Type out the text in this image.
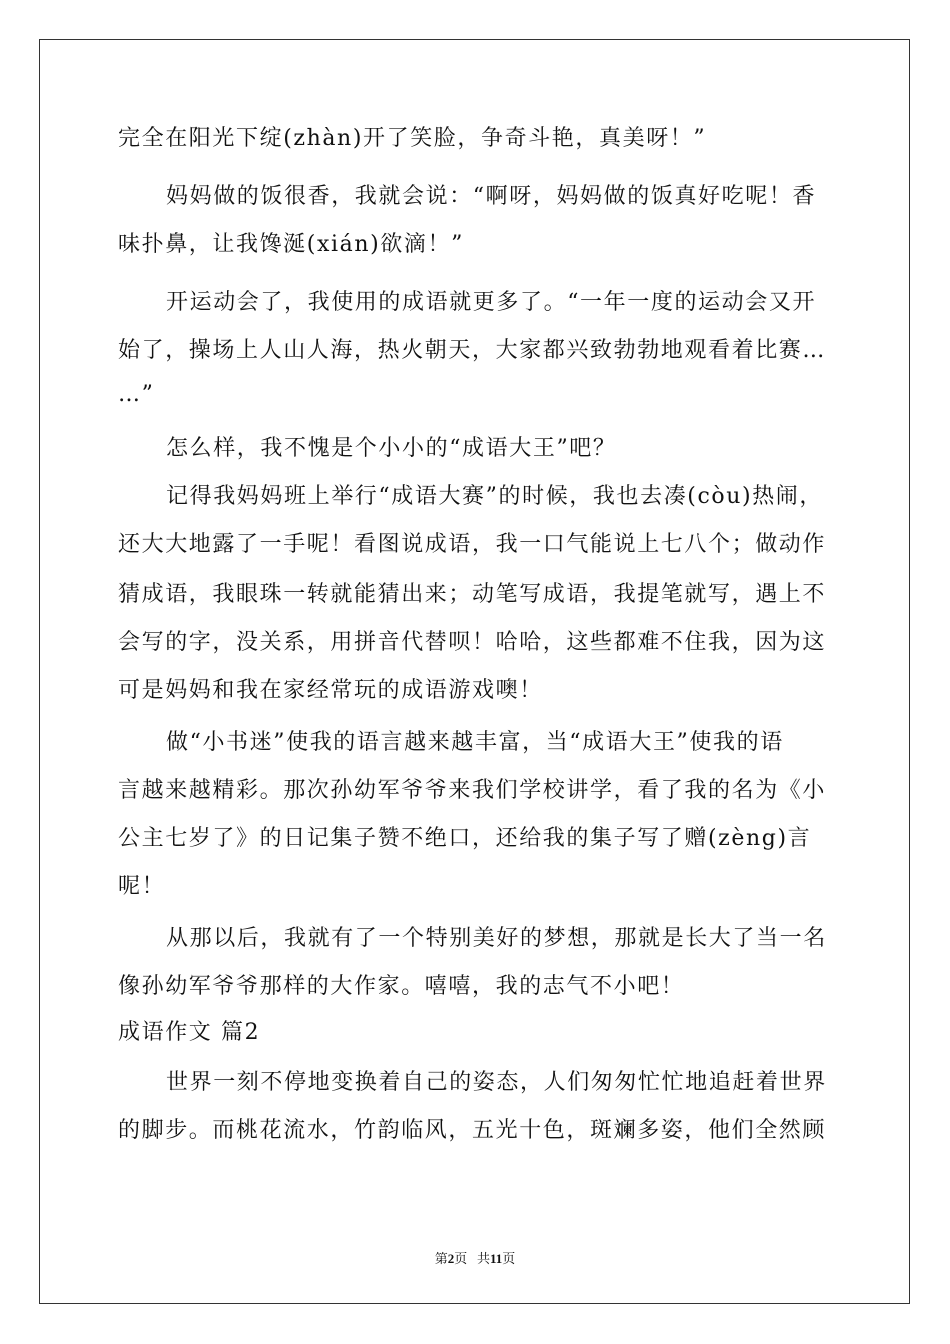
完全在阳光下绽(zhàn)开了笑脸，争奇斗艳，真美呀！”
妈妈做的饭很香，我就会说：“啊呀，妈妈做的饭真好吃呢！香
味扑鼻，让我馋涎(xián)欲滴！”
开运动会了，我使用的成语就更多了。“一年一度的运动会又开
始了，操场上人山人海，热火朝天，大家都兴致勃勃地观看着比赛…
…”
怎么样，我不愧是个小小的“成语大王”吧？
记得我妈妈班上举行“成语大赛”的时候，我也去凑(còu)热闹，
还大大地露了一手呢！看图说成语，我一口气能说上七八个；做动作
猜成语，我眼珠一转就能猜出来；动笔写成语，我提笔就写，遇上不
会写的字，没关系，用拼音代替呗！哈哈，这些都难不住我，因为这
可是妈妈和我在家经常玩的成语游戏噢！
做“小书迷”使我的语言越来越丰富，当“成语大王”使我的语
言越来越精彩。那次孙幼军爷爷来我们学校讲学，看了我的名为《小
公主七岁了》的日记集子赞不绝口，还给我的集子写了赠(zèng)言
呢！
从那以后，我就有了一个特别美好的梦想，那就是长大了当一名
像孙幼军爷爷那样的大作家。嘻嘻，我的志气不小吧！
成语作文 篇2
世界一刻不停地变换着自己的姿态，人们匆匆忙忙地追赶着世界
的脚步。而桃花流水，竹韵临风，五光十色，斑斓多姿，他们全然顾
第2页 共11页
